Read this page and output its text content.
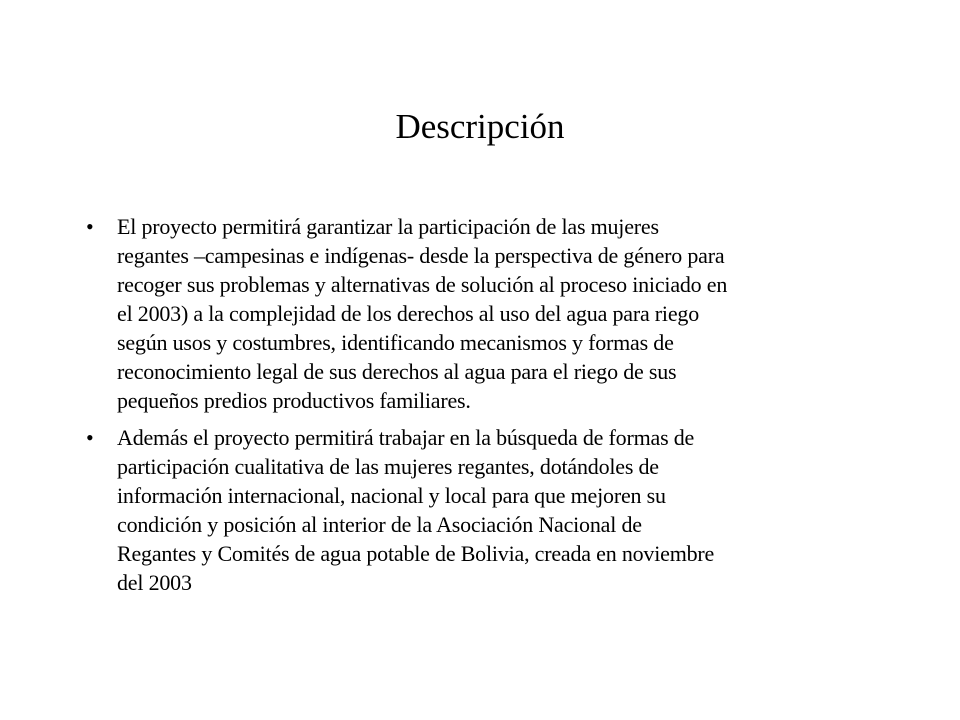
Descripción
• El proyecto permitirá garantizar la participación de las mujeres
regantes –campesinas e indígenas- desde la perspectiva de género para
recoger sus problemas y alternativas de solución al proceso iniciado en
el 2003) a la complejidad de los derechos al uso del agua para riego
según usos y costumbres, identificando mecanismos y formas de
reconocimiento legal de sus derechos al agua para el riego de sus
pequeños predios productivos familiares.
• Además el proyecto permitirá trabajar en la búsqueda de formas de
participación cualitativa de las mujeres regantes, dotándoles de
información internacional, nacional y local para que mejoren su
condición y posición al interior de la Asociación Nacional de
Regantes y Comités de agua potable de Bolivia, creada en noviembre
del 2003
